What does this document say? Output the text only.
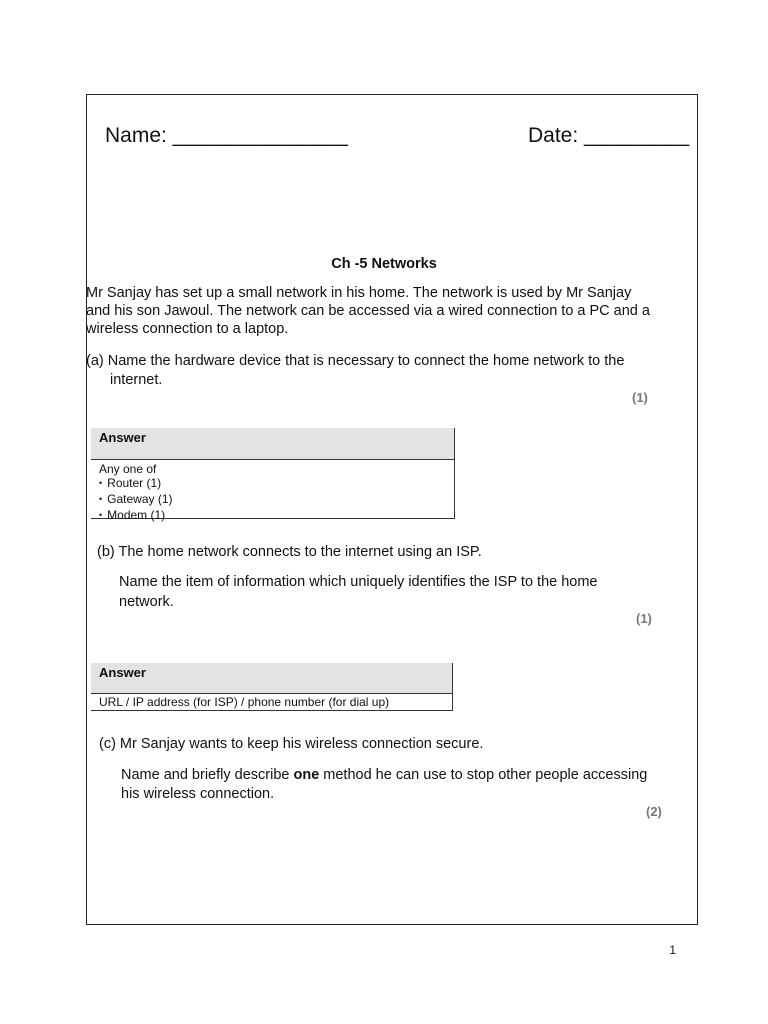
Name: _______________	Date: _________
Ch -5 Networks
Mr Sanjay has set up a small network in his home. The network is used by Mr Sanjay
and his son Jawoul. The network can be accessed via a wired connection to a PC and a
wireless connection to a laptop.
(a) Name the hardware device that is necessary to connect the home network to the
internet.
(1)
Answer
Any one of
• Router (1)
• Gateway (1)
• Modem (1)
(b) The home network connects to the internet using an ISP.
Name the item of information which uniquely identifies the ISP to the home
network.
(1)
Answer
URL / IP address (for ISP) / phone number (for dial up)
(c) Mr Sanjay wants to keep his wireless connection secure.
Name and briefly describe one method he can use to stop other people accessing
his wireless connection.
(2)
1
